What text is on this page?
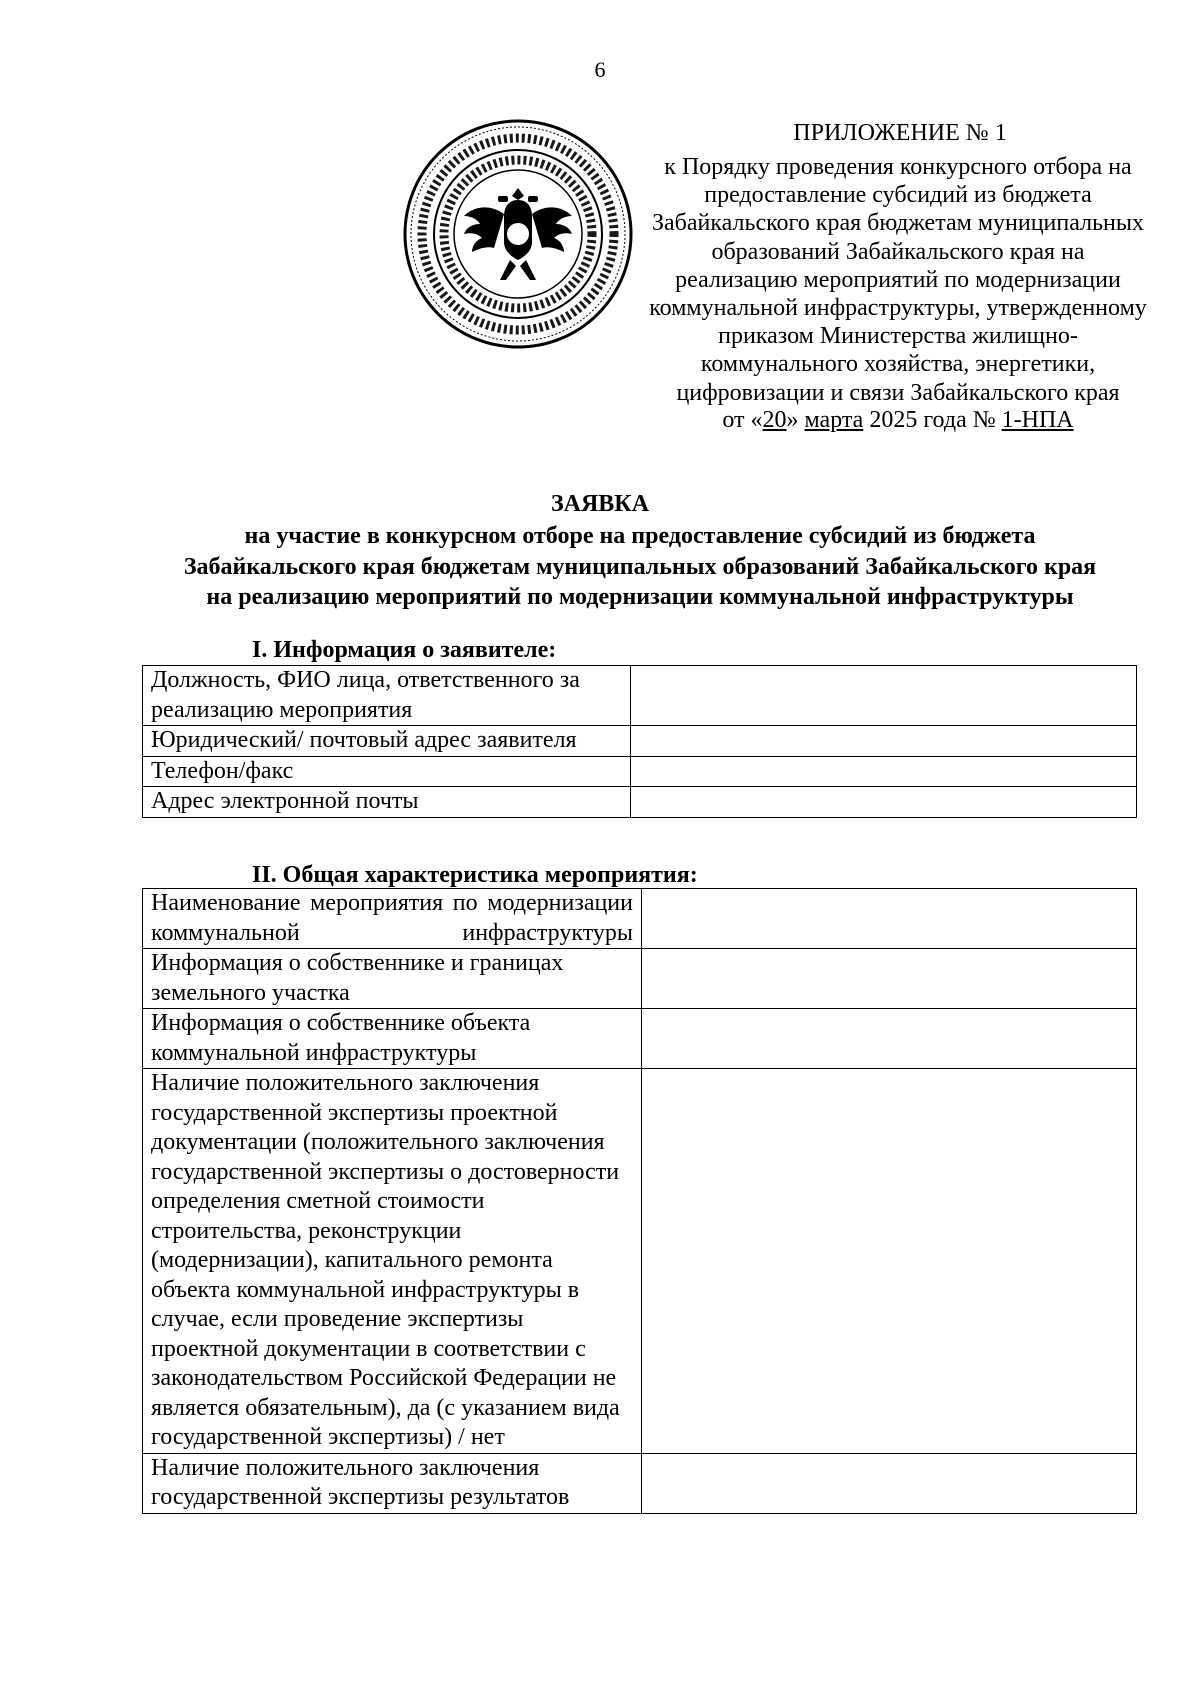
6
ПРИЛОЖЕНИЕ № 1
к Порядку проведения конкурсного отбора на
предоставление субсидий из бюджета
Забайкальского края бюджетам муниципальных
образований Забайкальского края на
реализацию мероприятий по модернизации
коммунальной инфраструктуры, утвержденному
приказом Министерства жилищно-
коммунального хозяйства, энергетики,
цифровизации и связи Забайкальского края
от «20» марта 2025 года № 1-НПА
ЗАЯВКА
на участие в конкурсном отборе на предоставление субсидий из бюджета
Забайкальского края бюджетам муниципальных образований Забайкальского края
на реализацию мероприятий по модернизации коммунальной инфраструктуры
I. Информация о заявителе:
Должность, ФИО лица, ответственного за реализацию мероприятия	
Юридический/ почтовый адрес заявителя	
Телефон/факс	
Адрес электронной почты	
II. Общая характеристика мероприятия:
Наименование мероприятия по модернизации коммунальной инфраструктуры	
Информация о собственнике и границах земельного участка	
Информация о собственнике объекта коммунальной инфраструктуры	
Наличие положительного заключения государственной экспертизы проектной документации (положительного заключения государственной экспертизы о достоверности определения сметной стоимости строительства, реконструкции (модернизации), капитального ремонта объекта коммунальной инфраструктуры в случае, если проведение экспертизы проектной документации в соответствии с законодательством Российской Федерации не является обязательным), да (с указанием вида государственной экспертизы) / нет	
Наличие положительного заключения государственной экспертизы результатов	
